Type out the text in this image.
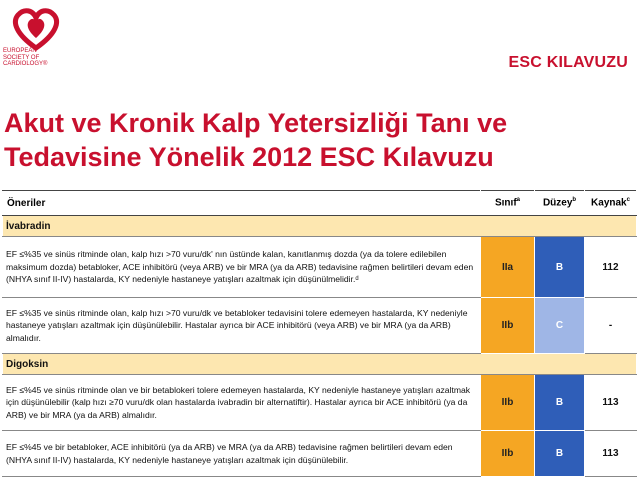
EUROPEAN
SOCIETY OF
CARDIOLOGY®	ESC KILAVUZU
Akut ve Kronik Kalp Yetersizliği Tanı ve Tedavisine Yönelik 2012 ESC Kılavuzu
Öneriler	Sınıf$^a$	Düzey$^b$	Kaynak$^c$
İvabradin			
EF ≤%35 ve sinüs ritminde olan, kalp hızı >70 vuru/dk' nın üstünde kalan, kanıtlanmış dozda (ya da tolere edilebilen maksimum dozda) betabloker, ACE inhibitörü (veya ARB) ve bir MRA (ya da ARB) tedavisine rağmen belirtileri devam eden (NHYA sınıf II-IV) hastalarda, KY nedeniyle hastaneye yatışları azaltmak için düşünülmelidir.ᵈ	IIa	B	112
EF ≤%35 ve sinüs ritminde olan, kalp hızı >70 vuru/dk ve betabloker tedavisini tolere edemeyen hastalarda, KY nedeniyle hastaneye yatışları azaltmak için düşünülebilir. Hastalar ayrıca bir ACE inhibitörü (veya ARB) ve bir MRA (ya da ARB) almalıdır.	IIb	C	-
Digoksin			
EF ≤%45 ve sinüs ritminde olan ve bir betablokeri tolere edemeyen hastalarda, KY nedeniyle hastaneye yatışları azaltmak için düşünülebilir (kalp hızı ≥70 vuru/dk olan hastalarda ivabradin bir alternatiftir). Hastalar ayrıca bir ACE inhibitörü (ya da ARB) ve bir MRA (ya da ARB) almalıdır.	IIb	B	113
EF ≤%45 ve bir betabloker, ACE inhibitörü (ya da ARB) ve MRA (ya da ARB) tedavisine rağmen belirtileri devam eden (NHYA sınıf II-IV) hastalarda, KY nedeniyle hastaneye yatışları azaltmak için düşünülebilir.	IIb	B	113
